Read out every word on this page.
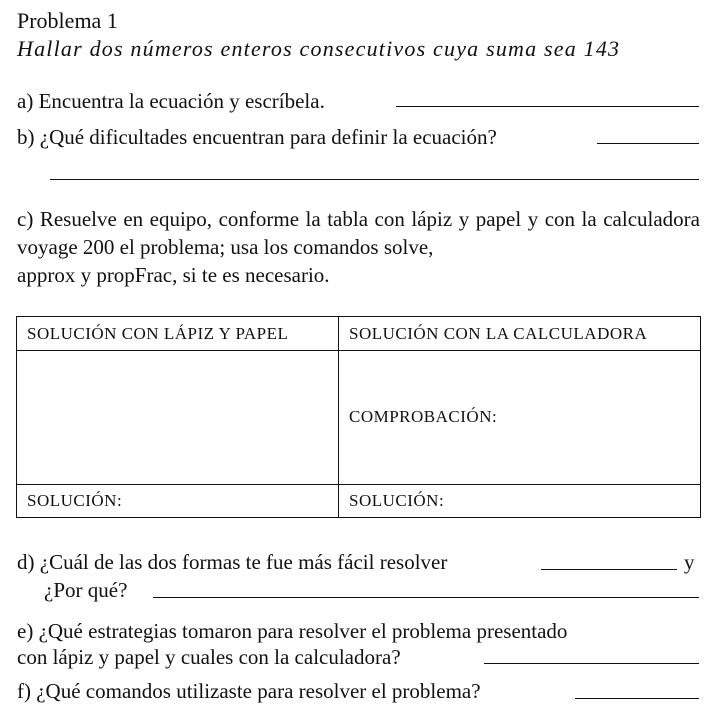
Problema 1

Hallar dos números enteros consecutivos cuya suma sea 143

a) Encuentra la ecuación y escríbela.

b) ¿Qué dificultades encuentran para definir la ecuación?

c) Resuelve en equipo, conforme la tabla con lápiz y papel y con la calculadora voyage 200 el problema; usa los comandos solve,
approx y propFrac, si te es necesario.

SOLUCIÓN CON LÁPIZ Y PAPEL	SOLUCIÓN CON LA CALCULADORA
	COMPROBACIÓN:
SOLUCIÓN:	SOLUCIÓN:

d) ¿Cuál de las dos formas te fue más fácil resolver	y

¿Por qué?

e) ¿Qué estrategias tomaron para resolver el problema presentado

con lápiz y papel y cuales con la calculadora?

f) ¿Qué comandos utilizaste para resolver el problema?
